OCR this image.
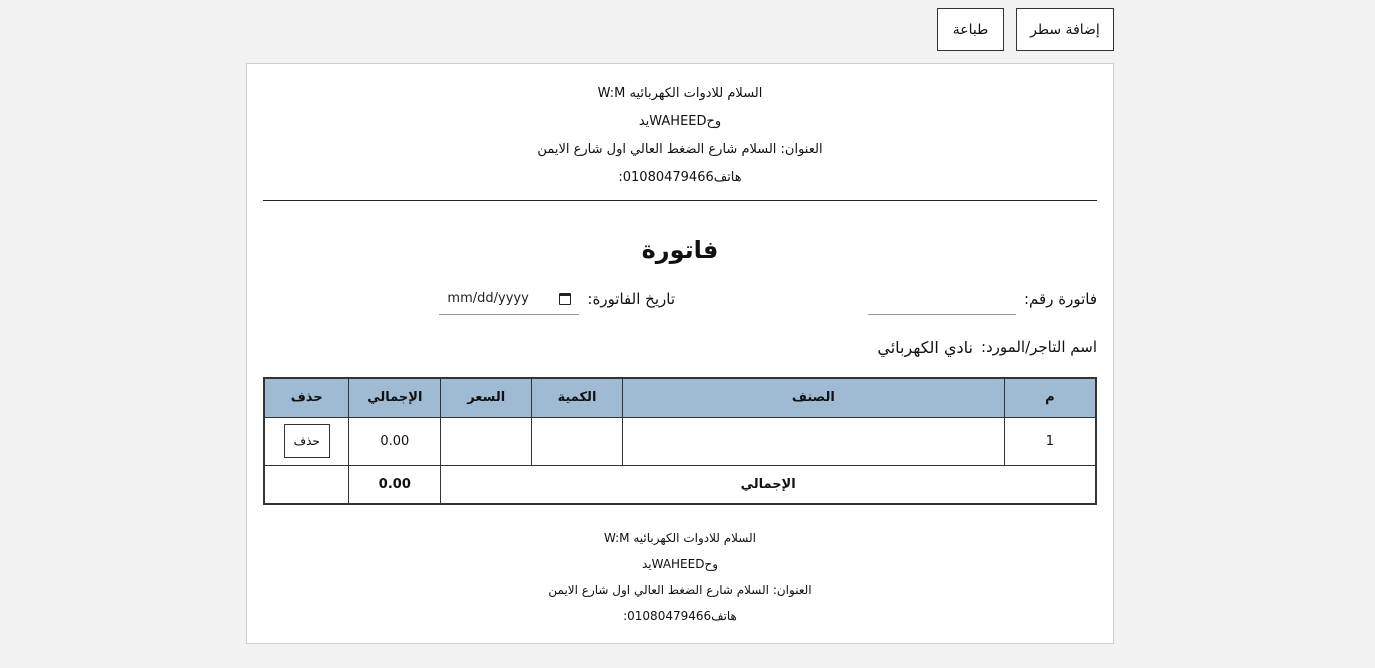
طباعة	إضافة سطر
السلام للادوات الكهربائيه W:M
وحWAHEEDيد
العنوان: السلام شارع الضغط العالي اول شارع الايمن
هاتف01080479466:
فاتورة
فاتورة رقم:
تاريخ الفاتورة:
mm/dd/yyyy
اسم التاجر/المورد:
نادي الكهربائي
م	الصنف	الكمية	السعر	الإجمالي	حذف
1				0.00	حذف
الإجمالي				0.00	
السلام للادوات الكهربائيه W:M
وحWAHEEDيد
العنوان: السلام شارع الضغط العالي اول شارع الايمن
هاتف01080479466:
